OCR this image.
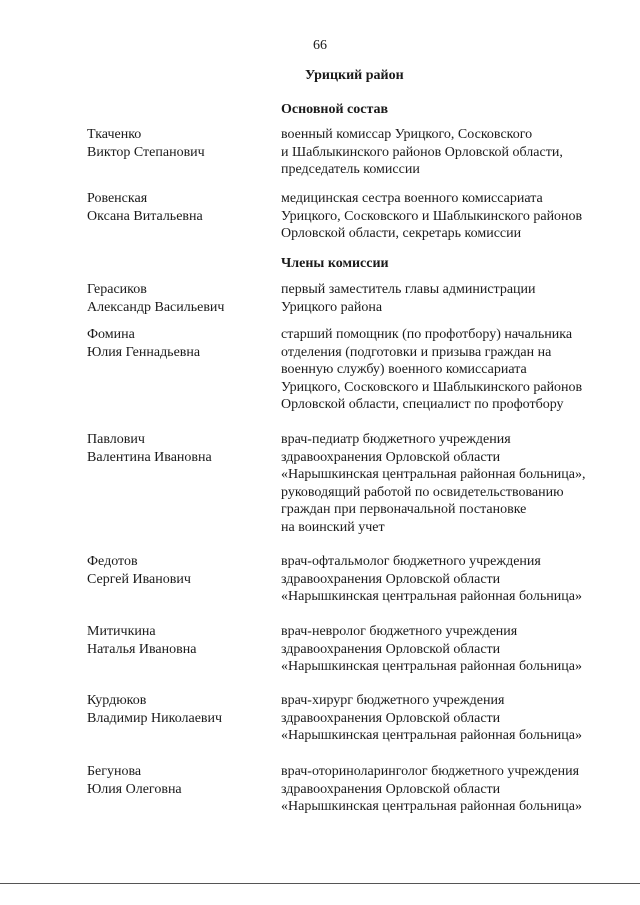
66
Урицкий район
Основной состав
Члены комиссии
Ткаченко
Виктор Степанович
военный комиссар Урицкого, Сосковского
и Шаблыкинского районов Орловской области,
председатель комиссии
Ровенская
Оксана Витальевна
медицинская сестра военного комиссариата
Урицкого, Сосковского и Шаблыкинского районов
Орловской области, секретарь комиссии
Герасиков
Александр Васильевич
первый заместитель главы администрации
Урицкого района
Фомина
Юлия Геннадьевна
старший помощник (по профотбору) начальника
отделения (подготовки и призыва граждан на
военную службу) военного комиссариата
Урицкого, Сосковского и Шаблыкинского районов
Орловской области, специалист по профотбору
Павлович
Валентина Ивановна
врач-педиатр бюджетного учреждения
здравоохранения Орловской области
«Нарышкинская центральная районная больница»,
руководящий работой по освидетельствованию
граждан при первоначальной постановке
на воинский учет
Федотов
Сергей Иванович
врач-офтальмолог бюджетного учреждения
здравоохранения Орловской области
«Нарышкинская центральная районная больница»
Митичкина
Наталья Ивановна
врач-невролог бюджетного учреждения
здравоохранения Орловской области
«Нарышкинская центральная районная больница»
Курдюков
Владимир Николаевич
врач-хирург бюджетного учреждения
здравоохранения Орловской области
«Нарышкинская центральная районная больница»
Бегунова
Юлия Олеговна
врач-оториноларинголог бюджетного учреждения
здравоохранения Орловской области
«Нарышкинская центральная районная больница»
